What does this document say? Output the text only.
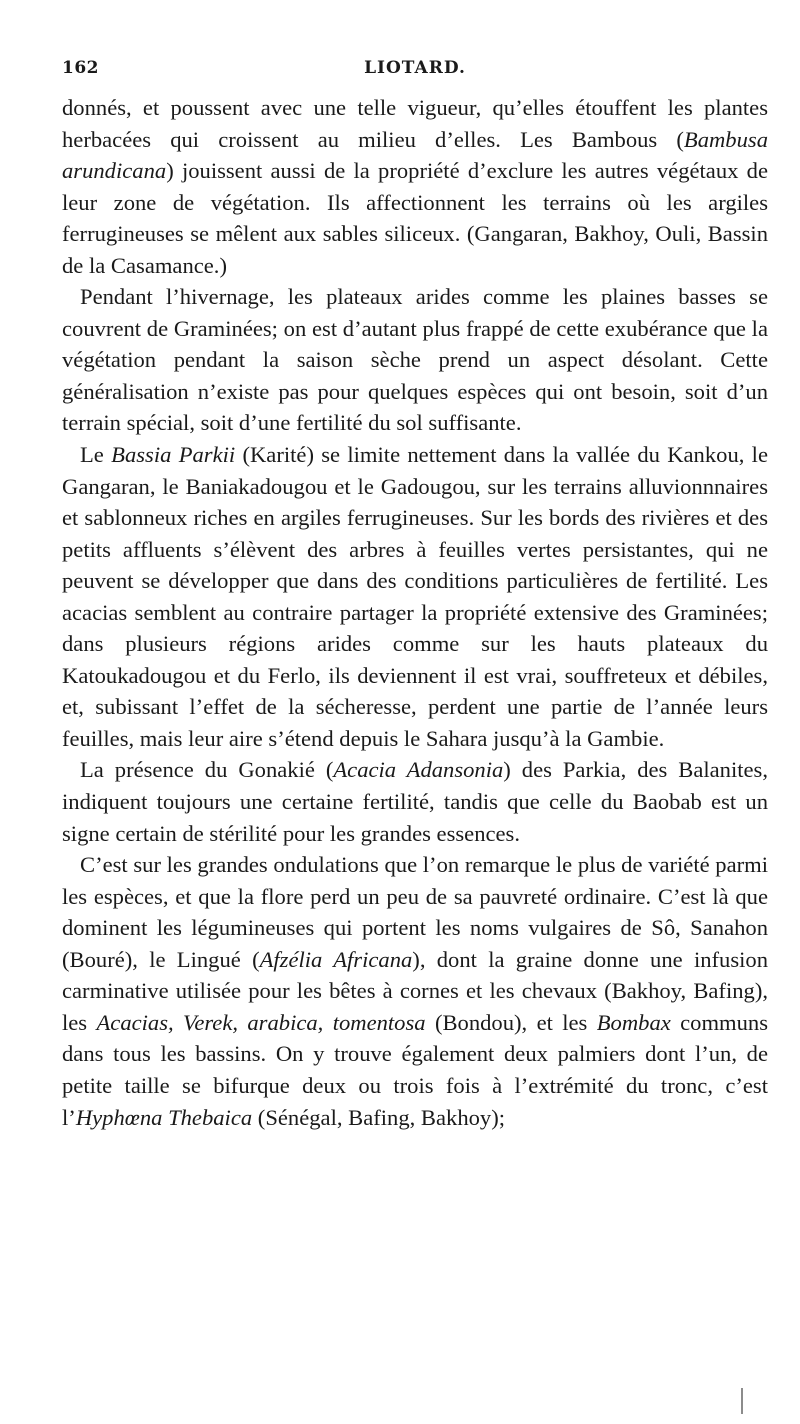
LIOTARD.
162

donnés, et poussent avec une telle vigueur, qu’elles étouffent les plantes herbacées qui croissent au milieu d’elles. Les Bambous (Bambusa arundicana) jouissent aussi de la propriété d’exclure les autres végétaux de leur zone de végétation. Ils affectionnent les terrains où les argiles ferrugineuses se mêlent aux sables siliceux. (Gangaran, Bakhoy, Ouli, Bassin de la Casamance.)

Pendant l’hivernage, les plateaux arides comme les plaines basses se couvrent de Graminées; on est d’autant plus frappé de cette exubérance que la végétation pendant la saison sèche prend un aspect désolant. Cette généralisation n’existe pas pour quelques espèces qui ont besoin, soit d’un terrain spécial, soit d’une fertilité du sol suffisante.

Le Bassia Parkii (Karité) se limite nettement dans la vallée du Kankou, le Gangaran, le Baniakadougou et le Gadougou, sur les terrains alluvionnnaires et sablonneux riches en argiles ferrugineuses. Sur les bords des rivières et des petits affluents s’élèvent des arbres à feuilles vertes persistantes, qui ne peuvent se développer que dans des conditions particulières de fertilité. Les acacias semblent au contraire partager la propriété extensive des Graminées; dans plusieurs régions arides comme sur les hauts plateaux du Katoukadougou et du Ferlo, ils deviennent il est vrai, souffreteux et débiles, et, subissant l’effet de la sécheresse, perdent une partie de l’année leurs feuilles, mais leur aire s’étend depuis le Sahara jusqu’à la Gambie.

La présence du Gonakié (Acacia Adansonia) des Parkia, des Balanites, indiquent toujours une certaine fertilité, tandis que celle du Baobab est un signe certain de stérilité pour les grandes essences.

C’est sur les grandes ondulations que l’on remarque le plus de variété parmi les espèces, et que la flore perd un peu de sa pauvreté ordinaire. C’est là que dominent les légumineuses qui portent les noms vulgaires de Sô, Sanahon (Bouré), le Lingué (Afzélia Africana), dont la graine donne une infusion carminative utilisée pour les bêtes à cornes et les chevaux (Bakhoy, Bafing), les Acacias, Verek, arabica, tomentosa (Bondou), et les Bombax communs dans tous les bassins. On y trouve également deux palmiers dont l’un, de petite taille se bifurque deux ou trois fois à l’extrémité du tronc, c’est l’Hyphœna Thebaica (Sénégal, Bafing, Bakhoy);
